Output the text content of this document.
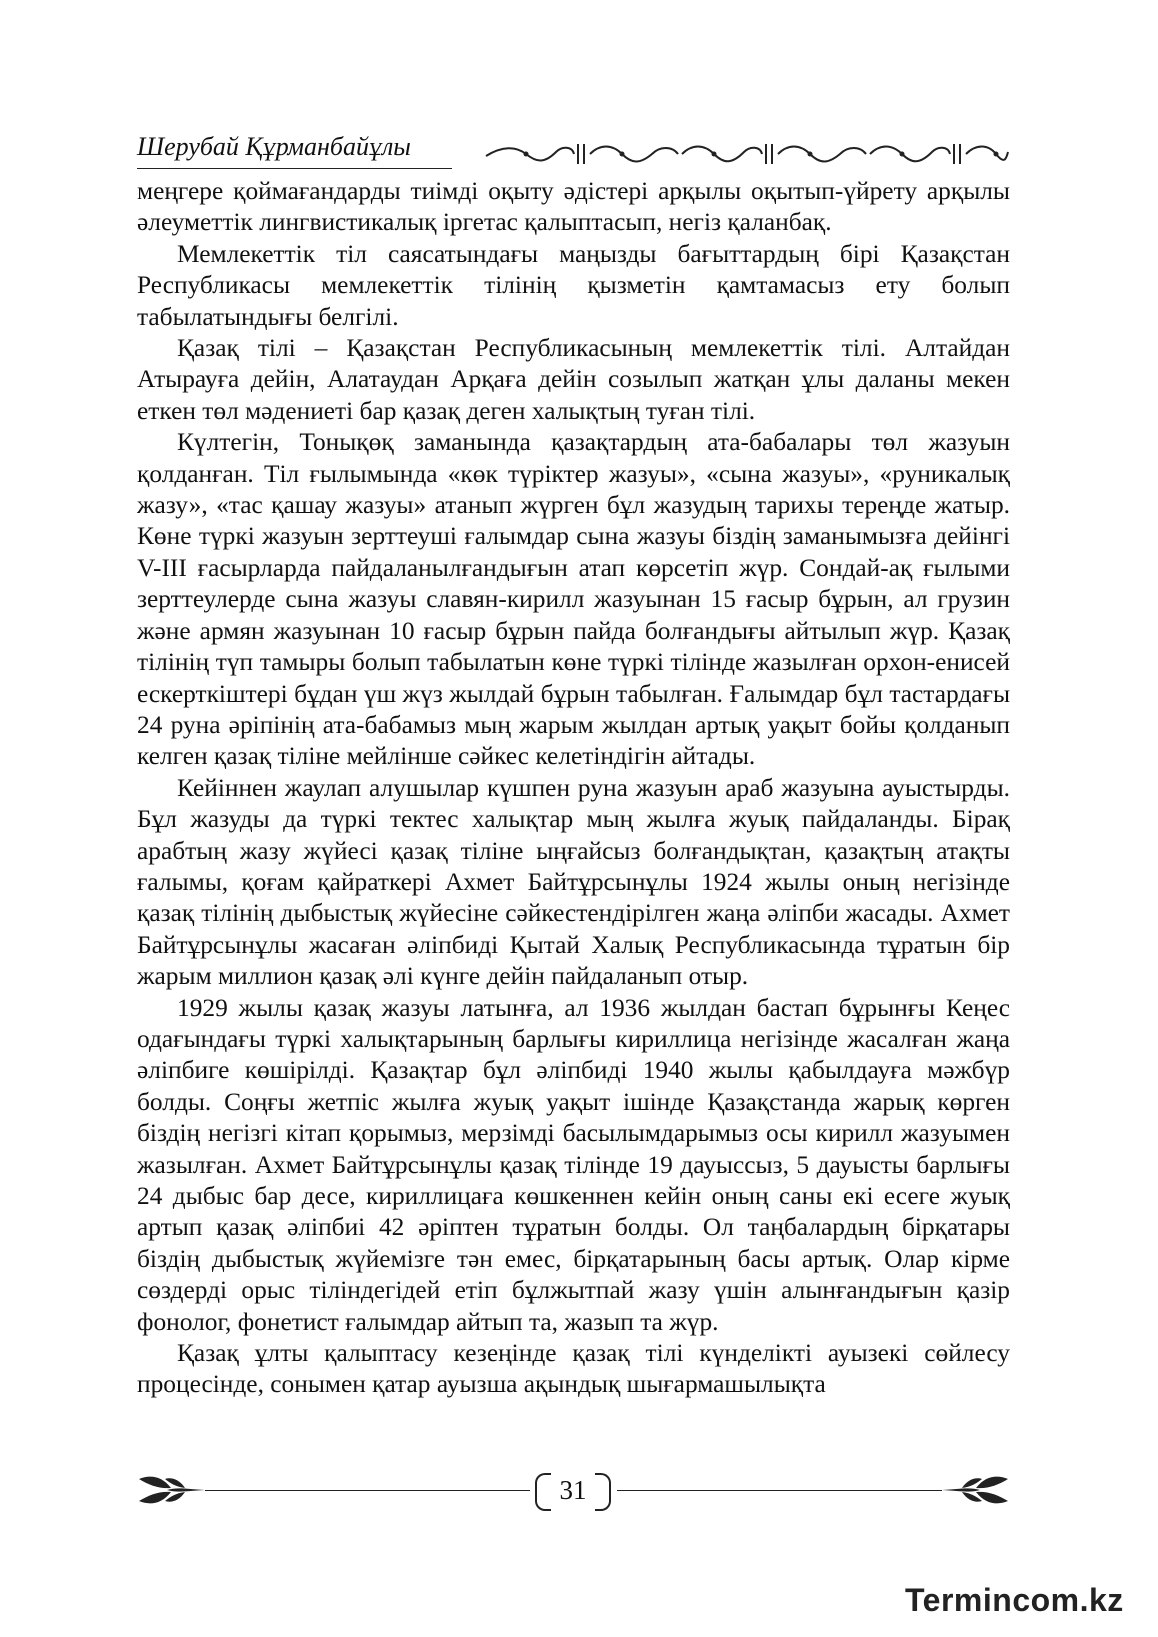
Шерубай Құрманбайұлы

меңгере қоймағандарды тиімді оқыту әдістері арқылы оқытып-үйрету арқылы әлеуметтік лингвистикалық іргетас қалыптасып, негіз қаланбақ.

Мемлекеттік тіл саясатындағы маңызды бағыттардың бірі Қазақстан Республикасы мемлекеттік тілінің қызметін қамтамасыз ету болып табылатындығы белгілі.

Қазақ тілі – Қазақстан Республикасының мемлекеттік тілі. Алтайдан Атырауға дейін, Алатаудан Арқаға дейін созылып жатқан ұлы даланы мекен еткен төл мәдениеті бар қазақ деген халықтың туған тілі.

Күлтегін, Тонықөқ заманында қазақтардың ата-бабалары төл жазуын қолданған. Тіл ғылымында «көк түріктер жазуы», «сына жазуы», «руникалық жазу», «тас қашау жазуы» атанып жүрген бұл жазудың тарихы тереңде жатыр. Көне түркі жазуын зерттеуші ғалымдар сына жазуы біздің заманымызға дейінгі V-III ғасырларда пайдаланылғандығын атап көрсетіп жүр. Сондай-ақ ғылыми зерттеулерде сына жазуы славян-кирилл жазуынан 15 ғасыр бұрын, ал грузин және армян жазуынан 10 ғасыр бұрын пайда болғандығы айтылып жүр. Қазақ тілінің түп тамыры болып табылатын көне түркі тілінде жазылған орхон-енисей ескерткіштері бұдан үш жүз жылдай бұрын табылған. Ғалымдар бұл тастардағы 24 руна әріпінің ата-бабамыз мың жарым жылдан артық уақыт бойы қолданып келген қазақ тіліне мейлінше сәйкес келетіндігін айтады.

Кейіннен жаулап алушылар күшпен руна жазуын араб жазуына ауыстырды. Бұл жазуды да түркі тектес халықтар мың жылға жуық пайдаланды. Бірақ арабтың жазу жүйесі қазақ тіліне ыңғайсыз болғандықтан, қазақтың атақты ғалымы, қоғам қайраткері Ахмет Байтұрсынұлы 1924 жылы оның негізінде қазақ тілінің дыбыстық жүйесіне сәйкестендірілген жаңа әліпби жасады. Ахмет Байтұрсынұлы жасаған әліпбиді Қытай Халық Республикасында тұратын бір жарым миллион қазақ әлі күнге дейін пайдаланып отыр.

1929 жылы қазақ жазуы латынға, ал 1936 жылдан бастап бұрынғы Кеңес одағындағы түркі халықтарының барлығы кириллица негізінде жасалған жаңа әліпбиге көшірілді. Қазақтар бұл әліпбиді 1940 жылы қабылдауға мәжбүр болды. Соңғы жетпіс жылға жуық уақыт ішінде Қазақстанда жарық көрген біздің негізгі кітап қорымыз, мерзімді басылымдарымыз осы кирилл жазуымен жазылған. Ахмет Байтұрсынұлы қазақ тілінде 19 дауыссыз, 5 дауысты барлығы 24 дыбыс бар десе, кириллицаға көшкеннен кейін оның саны екі есеге жуық артып қазақ әліпбиі 42 әріптен тұратын болды. Ол таңбалардың бірқатары біздің дыбыстық жүйемізге тән емес, бірқатарының басы артық. Олар кірме сөздерді орыс тіліндегідей етіп бұлжытпай жазу үшін алынғандығын қазір фонолог, фонетист ғалымдар айтып та, жазып та жүр.

Қазақ ұлты қалыптасу кезеңінде қазақ тілі күнделікті ауызекі сөйлесу процесінде, сонымен қатар ауызша ақындық шығармашылықта

31
Termincom.kz
